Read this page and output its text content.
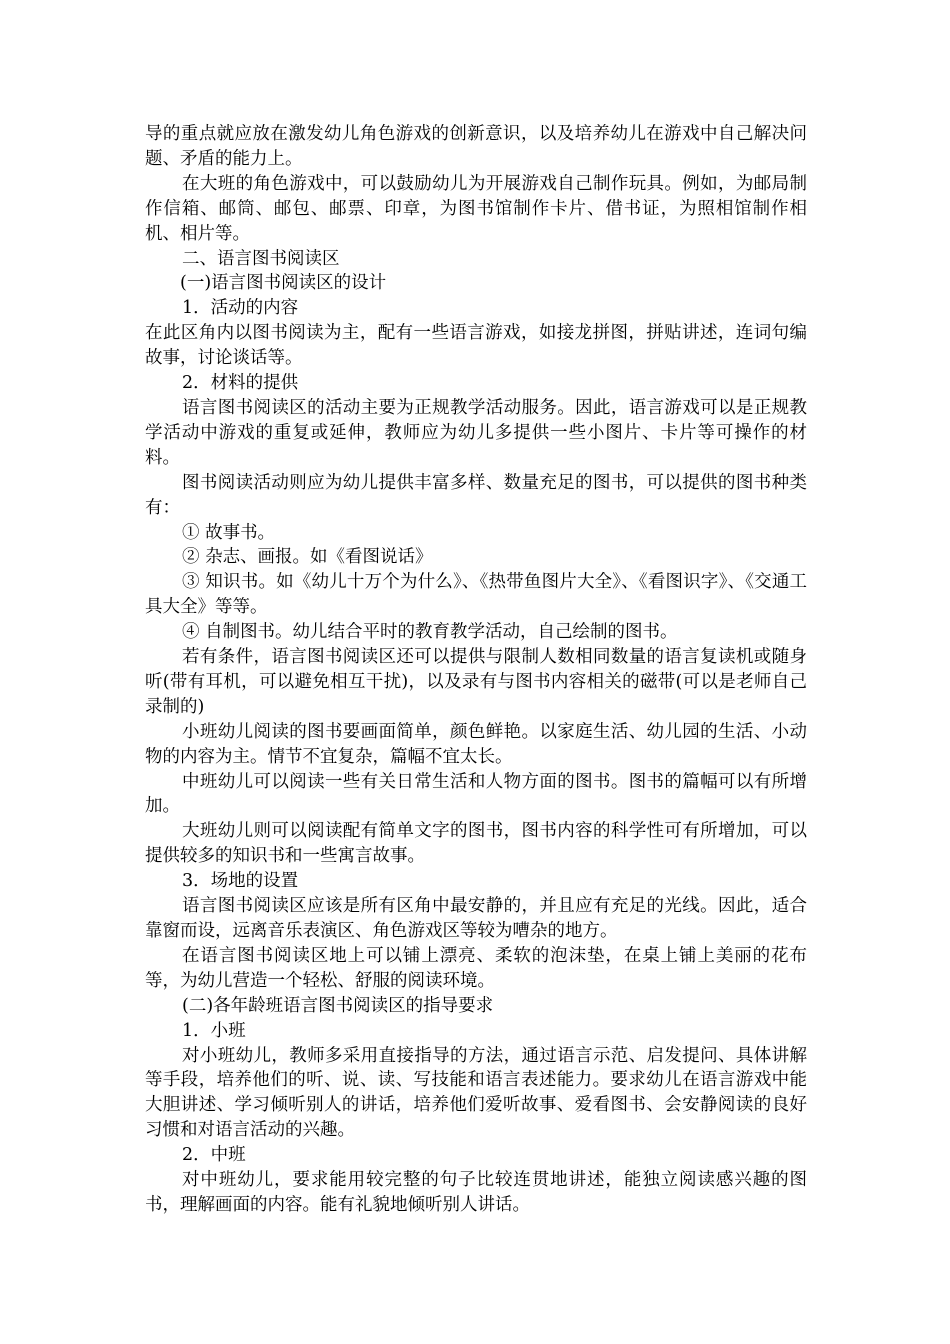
导的重点就应放在激发幼儿角色游戏的创新意识，以及培养幼儿在游戏中自己解决问题、矛盾的能力上。

在大班的角色游戏中，可以鼓励幼儿为开展游戏自己制作玩具。例如，为邮局制作信箱、邮筒、邮包、邮票、印章，为图书馆制作卡片、借书证，为照相馆制作相机、相片等。

二、语言图书阅读区

(一)语言图书阅读区的设计

1．活动的内容

在此区角内以图书阅读为主，配有一些语言游戏，如接龙拼图，拼贴讲述，连词句编故事，讨论谈话等。

2．材料的提供

语言图书阅读区的活动主要为正规教学活动服务。因此，语言游戏可以是正规教学活动中游戏的重复或延伸，教师应为幼儿多提供一些小图片、卡片等可操作的材料。

图书阅读活动则应为幼儿提供丰富多样、数量充足的图书，可以提供的图书种类有：

① 故事书。

② 杂志、画报。如《看图说话》

③ 知识书。如《幼儿十万个为什么》、《热带鱼图片大全》、《看图识字》、《交通工具大全》等等。

④ 自制图书。幼儿结合平时的教育教学活动，自己绘制的图书。

若有条件，语言图书阅读区还可以提供与限制人数相同数量的语言复读机或随身听(带有耳机，可以避免相互干扰)，以及录有与图书内容相关的磁带(可以是老师自己录制的)

小班幼儿阅读的图书要画面简单，颜色鲜艳。以家庭生活、幼儿园的生活、小动物的内容为主。情节不宜复杂，篇幅不宜太长。

中班幼儿可以阅读一些有关日常生活和人物方面的图书。图书的篇幅可以有所增加。

大班幼儿则可以阅读配有简单文字的图书，图书内容的科学性可有所增加，可以提供较多的知识书和一些寓言故事。

3．场地的设置

语言图书阅读区应该是所有区角中最安静的，并且应有充足的光线。因此，适合靠窗而设，远离音乐表演区、角色游戏区等较为嘈杂的地方。

在语言图书阅读区地上可以铺上漂亮、柔软的泡沫垫，在桌上铺上美丽的花布等，为幼儿营造一个轻松、舒服的阅读环境。

(二)各年龄班语言图书阅读区的指导要求

1．小班

对小班幼儿，教师多采用直接指导的方法，通过语言示范、启发提问、具体讲解等手段，培养他们的听、说、读、写技能和语言表述能力。要求幼儿在语言游戏中能大胆讲述、学习倾听别人的讲话，培养他们爱听故事、爱看图书、会安静阅读的良好习惯和对语言活动的兴趣。

2．中班

对中班幼儿，要求能用较完整的句子比较连贯地讲述，能独立阅读感兴趣的图书，理解画面的内容。能有礼貌地倾听别人讲话。
